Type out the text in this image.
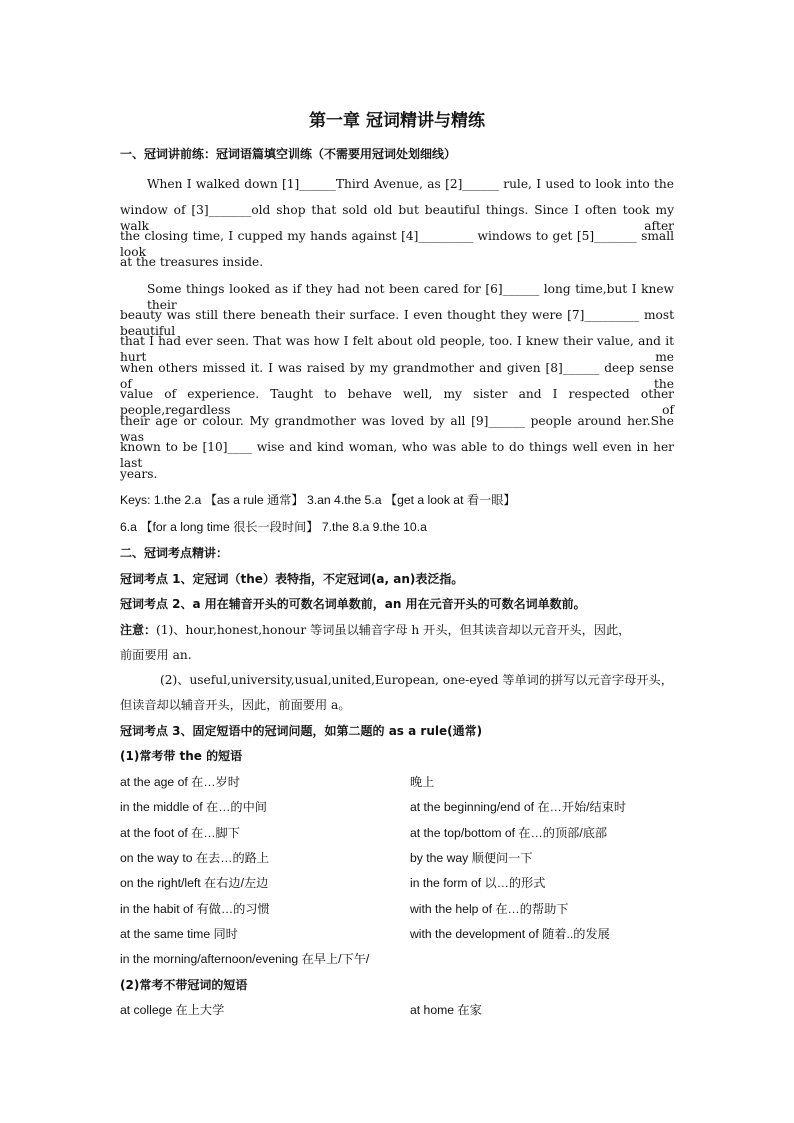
第一章 冠词精讲与精练
一、冠词讲前练：冠词语篇填空训练（不需要用冠词处划细线）
When I walked down [1]______Third Avenue, as [2]______ rule, I used to look into the
window of [3]_______old shop that sold old but beautiful things. Since I often took my walk after
the closing time, I cupped my hands against [4]_________ windows to get [5]_______ small look
at the treasures inside.
Some things looked as if they had not been cared for [6]______ long time,but I knew their
beauty was still there beneath their surface. I even thought they were [7]_________ most beautiful
that I had ever seen. That was how I felt about old people, too. I knew their value, and it hurt me
when others missed it. I was raised by my grandmother and given [8]______ deep sense of the
value of experience. Taught to behave well, my sister and I respected other people,regardless of
their age or colour. My grandmother was loved by all [9]______ people around her.She was
known to be [10]____ wise and kind woman, who was able to do things well even in her last
years.
Keys: 1.the 2.a 【as a rule 通常】 3.an 4.the 5.a 【get a look at 看一眼】
6.a 【for a long time 很长一段时间】 7.the 8.a 9.the 10.a
二、冠词考点精讲：
冠词考点 1、定冠词（the）表特指，不定冠词(a, an)表泛指。
冠词考点 2、a 用在辅音开头的可数名词单数前，an 用在元音开头的可数名词单数前。
注意：(1)、hour,honest,honour 等词虽以辅音字母 h 开头，但其读音却以元音开头，因此，
前面要用 an.
(2)、useful,university,usual,united,European, one-eyed 等单词的拼写以元音字母开头，
但读音却以辅音开头，因此，前面要用 a。
冠词考点 3、固定短语中的冠词问题，如第二题的 as a rule(通常)
(1)常考带 the 的短语
at the age of 在…岁时	晚上
in the middle of 在…的中间	at the beginning/end of 在…开始/结束时
at the foot of 在…脚下	at the top/bottom of 在…的顶部/底部
on the way to 在去…的路上	by the way 顺便问一下
on the right/left 在右边/左边	in the form of 以…的形式
in the habit of 有做…的习惯	with the help of 在…的帮助下
at the same time 同时	with the development of 随着..的发展
in the morning/afternoon/evening 在早上/下午/
(2)常考不带冠词的短语
at college 在上大学	at home 在家
